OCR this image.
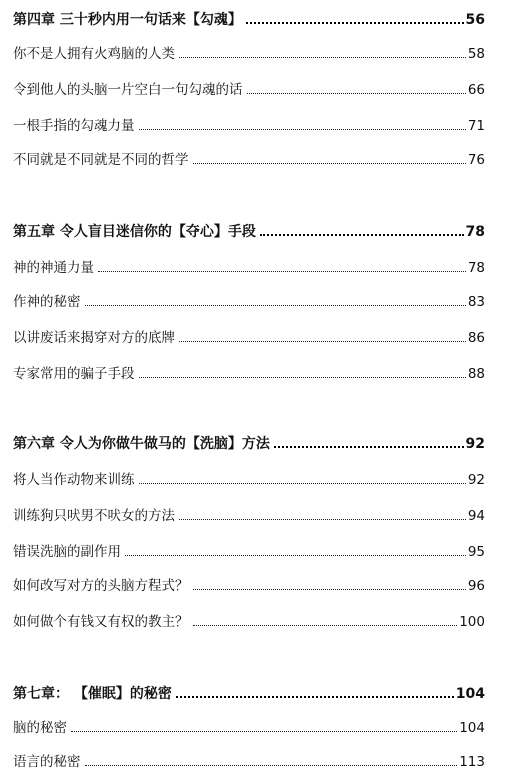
第四章 三十秒内用一句话来【勾魂】	56
你不是人拥有火鸡脑的人类	58
令到他人的头脑一片空白一句勾魂的话	66
一根手指的勾魂力量	71
不同就是不同就是不同的哲学	76
第五章 令人盲目迷信你的【夺心】手段	78
神的神通力量	78
作神的秘密	83
以讲废话来揭穿对方的底牌	86
专家常用的骗子手段	88
第六章 令人为你做牛做马的【洗脑】方法	92
将人当作动物来训练	92
训练狗只吠男不吠女的方法	94
错误洗脑的副作用	95
如何改写对方的头脑方程式？	96
如何做个有钱又有权的教主？	100
第七章： 【催眠】的秘密	104
脑的秘密	104
语言的秘密	113
